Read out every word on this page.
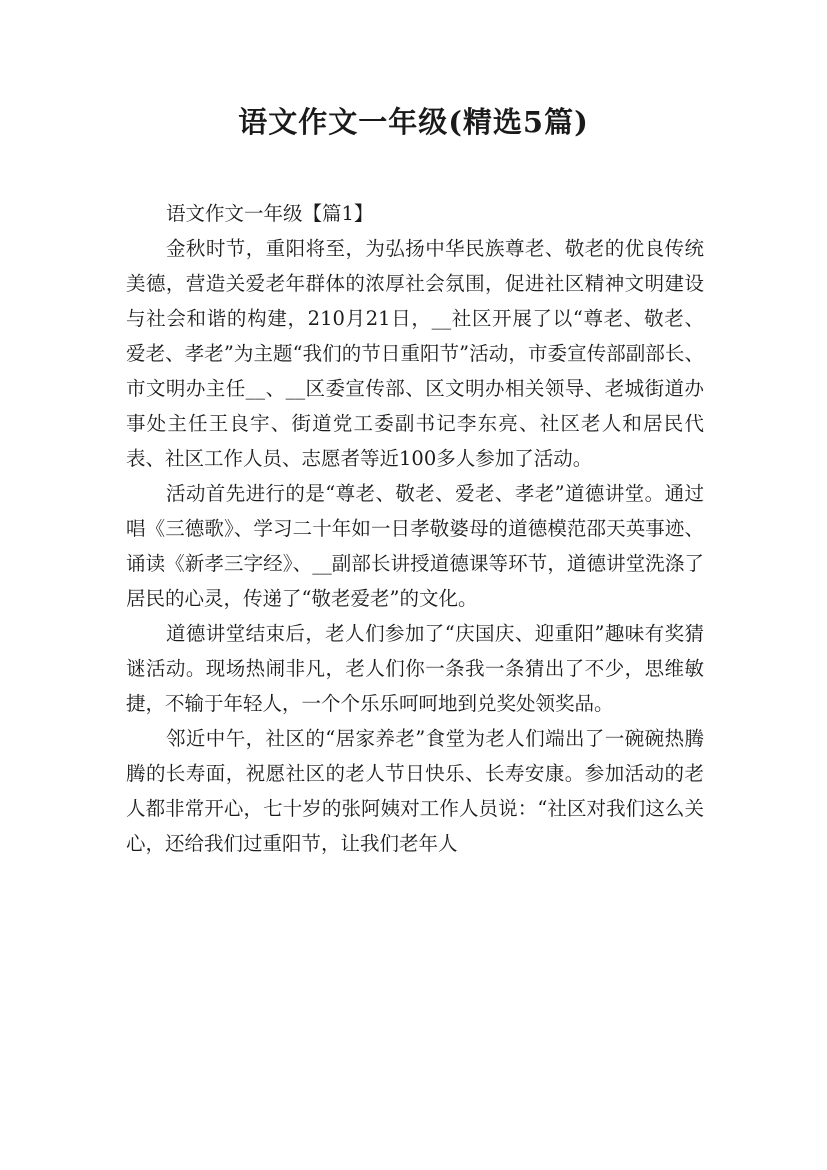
语文作文一年级(精选5篇)

语文作文一年级【篇1】

金秋时节，重阳将至，为弘扬中华民族尊老、敬老的优良传统美德，营造关爱老年群体的浓厚社会氛围，促进社区精神文明建设与社会和谐的构建，210月21日，__社区开展了以“尊老、敬老、爱老、孝老”为主题“我们的节日重阳节”活动，市委宣传部副部长、市文明办主任__、__区委宣传部、区文明办相关领导、老城街道办事处主任王良宇、街道党工委副书记李东亮、社区老人和居民代表、社区工作人员、志愿者等近100多人参加了活动。

活动首先进行的是“尊老、敬老、爱老、孝老”道德讲堂。通过唱《三德歌》、学习二十年如一日孝敬婆母的道德模范邵天英事迹、诵读《新孝三字经》、__副部长讲授道德课等环节，道德讲堂洗涤了居民的心灵，传递了“敬老爱老”的文化。

道德讲堂结束后，老人们参加了“庆国庆、迎重阳”趣味有奖猜谜活动。现场热闹非凡，老人们你一条我一条猜出了不少，思维敏捷，不输于年轻人，一个个乐乐呵呵地到兑奖处领奖品。

邻近中午，社区的“居家养老”食堂为老人们端出了一碗碗热腾腾的长寿面，祝愿社区的老人节日快乐、长寿安康。参加活动的老人都非常开心，七十岁的张阿姨对工作人员说：“社区对我们这么关心，还给我们过重阳节，让我们老年人
